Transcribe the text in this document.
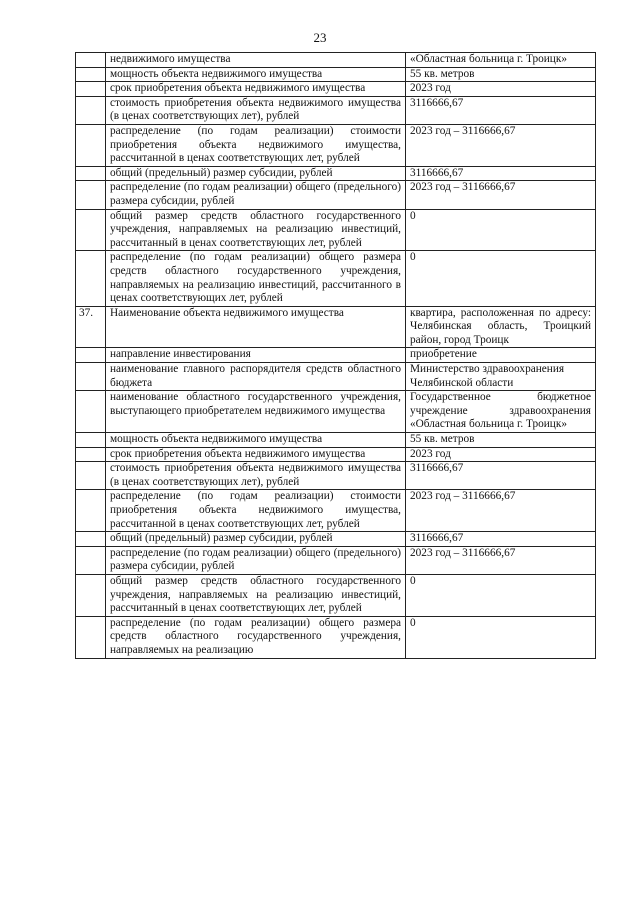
23
	недвижимого имущества	«Областная больница г. Троицк»
	мощность объекта недвижимого имущества	55 кв. метров
	срок приобретения объекта недвижимого имущества	2023 год
	стоимость приобретения объекта недвижимого имущества (в ценах соответствующих лет), рублей	3116666,67
	распределение (по годам реализации) стоимости приобретения объекта недвижимого имущества, рассчитанной в ценах соответствующих лет, рублей	2023 год – 3116666,67
	общий (предельный) размер субсидии, рублей	3116666,67
	распределение (по годам реализации) общего (предельного) размера субсидии, рублей	2023 год – 3116666,67
	общий размер средств областного государственного учреждения, направляемых на реализацию инвестиций, рассчитанный в ценах соответствующих лет, рублей	0
	распределение (по годам реализации) общего размера средств областного государственного учреждения, направляемых на реализацию инвестиций, рассчитанного в ценах соответствующих лет, рублей	0
37.	Наименование объекта недвижимого имущества	квартира, расположенная по адресу: Челябинская область, Троицкий район, город Троицк
	направление инвестирования	приобретение
	наименование главного распорядителя средств областного бюджета	Министерство здравоохранения Челябинской области
	наименование областного государственного учреждения, выступающего приобретателем недвижимого имущества	Государственное бюджетное учреждение здравоохранения «Областная больница г. Троицк»
	мощность объекта недвижимого имущества	55 кв. метров
	срок приобретения объекта недвижимого имущества	2023 год
	стоимость приобретения объекта недвижимого имущества (в ценах соответствующих лет), рублей	3116666,67
	распределение (по годам реализации) стоимости приобретения объекта недвижимого имущества, рассчитанной в ценах соответствующих лет, рублей	2023 год – 3116666,67
	общий (предельный) размер субсидии, рублей	3116666,67
	распределение (по годам реализации) общего (предельного) размера субсидии, рублей	2023 год – 3116666,67
	общий размер средств областного государственного учреждения, направляемых на реализацию инвестиций, рассчитанный в ценах соответствующих лет, рублей	0
	распределение (по годам реализации) общего размера средств областного государственного учреждения, направляемых на реализацию	0
